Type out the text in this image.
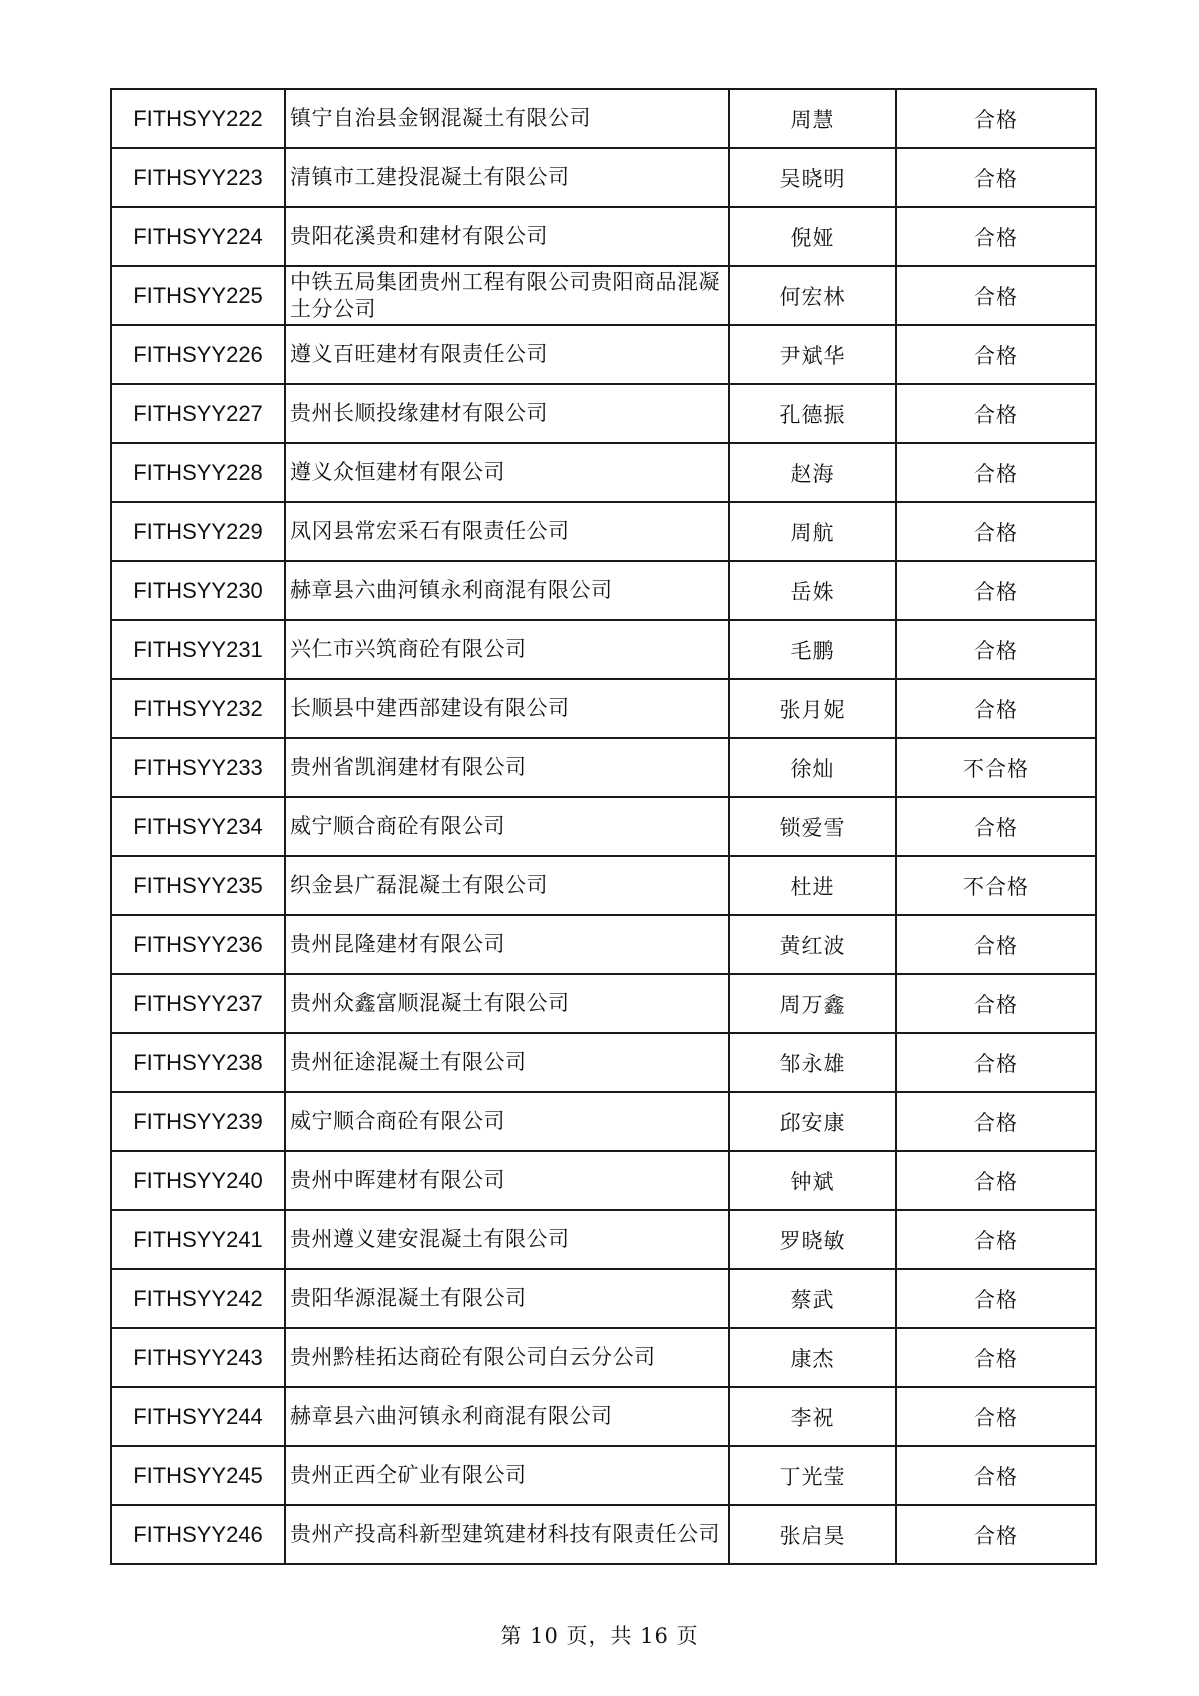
FITHSYY222	镇宁自治县金钢混凝土有限公司	周慧	合格
FITHSYY223	清镇市工建投混凝土有限公司	吴晓明	合格
FITHSYY224	贵阳花溪贵和建材有限公司	倪娅	合格
FITHSYY225	中铁五局集团贵州工程有限公司贵阳商品混凝土分公司	何宏林	合格
FITHSYY226	遵义百旺建材有限责任公司	尹斌华	合格
FITHSYY227	贵州长顺投缘建材有限公司	孔德振	合格
FITHSYY228	遵义众恒建材有限公司	赵海	合格
FITHSYY229	凤冈县常宏采石有限责任公司	周航	合格
FITHSYY230	赫章县六曲河镇永利商混有限公司	岳姝	合格
FITHSYY231	兴仁市兴筑商砼有限公司	毛鹏	合格
FITHSYY232	长顺县中建西部建设有限公司	张月妮	合格
FITHSYY233	贵州省凯润建材有限公司	徐灿	不合格
FITHSYY234	威宁顺合商砼有限公司	锁爱雪	合格
FITHSYY235	织金县广磊混凝土有限公司	杜进	不合格
FITHSYY236	贵州昆隆建材有限公司	黄红波	合格
FITHSYY237	贵州众鑫富顺混凝土有限公司	周万鑫	合格
FITHSYY238	贵州征途混凝土有限公司	邹永雄	合格
FITHSYY239	威宁顺合商砼有限公司	邱安康	合格
FITHSYY240	贵州中晖建材有限公司	钟斌	合格
FITHSYY241	贵州遵义建安混凝土有限公司	罗晓敏	合格
FITHSYY242	贵阳华源混凝土有限公司	蔡武	合格
FITHSYY243	贵州黔桂拓达商砼有限公司白云分公司	康杰	合格
FITHSYY244	赫章县六曲河镇永利商混有限公司	李祝	合格
FITHSYY245	贵州正西仝矿业有限公司	丁光莹	合格
FITHSYY246	贵州产投高科新型建筑建材科技有限责任公司	张启昊	合格
第 10 页，共 16 页
